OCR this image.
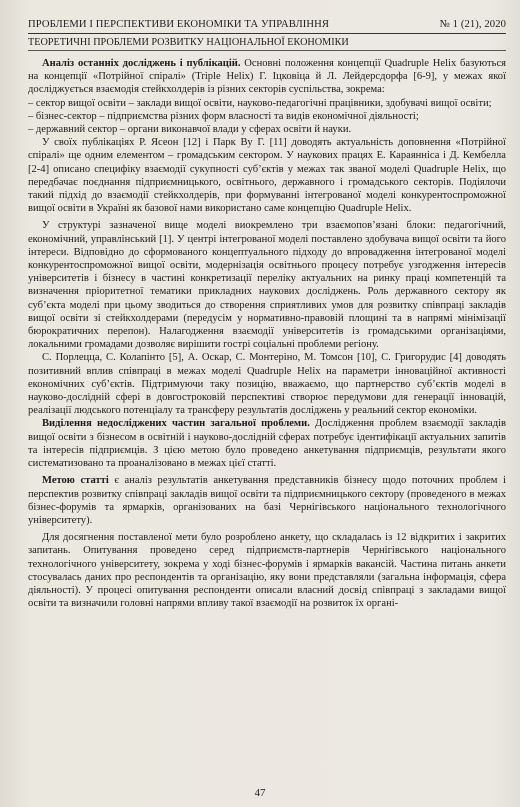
ПРОБЛЕМИ І ПЕРСПЕКТИВИ ЕКОНОМІКИ ТА УПРАВЛІННЯ	№ 1 (21), 2020
ТЕОРЕТИЧНІ ПРОБЛЕМИ РОЗВИТКУ НАЦІОНАЛЬНОЇ ЕКОНОМІКИ

Аналіз останніх досліджень і публікацій. Основні положення концепції Quadruple Helix базуються на концепції «Потрійної спіралі» (Triple Helix) Г. Іцковіца й Л. Лейдерсдорфа [6-9], у межах якої досліджується взаємодія стейкхолдерів із різних секторів суспільства, зокрема:

– сектор вищої освіти – заклади вищої освіти, науково-педагогічні працівники, здобувачі вищої освіти;

– бізнес-сектор – підприємства різних форм власності та видів економічної діяльності;

– державний сектор – органи виконавчої влади у сферах освіти й науки.

У своїх публікаціях Р. Ясеон [12] і Парк Ву Г. [11] доводять актуальність доповнення «Потрійної спіралі» ще одним елементом – громадським сектором. У наукових працях Е. Караяннiса і Д. Кембелла [2-4] описано специфіку взаємодії сукупності суб’єктів у межах так званої моделі Quadruple Helix, що передбачає поєднання підприємницького, освітнього, державного і громадського секторів. Подіялочи такий підхід до взаємодії стейкхолдерів, при формуванні інтегрованої моделі конкурентоспроможної вищої освіти в Україні як базової нами використано саме концепцію Quadruple Helix.

У структурі зазначеної вище моделі виокремлено три взаємопов’язані блоки: педагогічний, економічний, управлінський [1]. У центрі інтегрованої моделі поставлено здобувача вищої освіти та його інтереси. Відповідно до сформованого концептуального підходу до впровадження інтегрованої моделі конкурентоспроможної вищої освіти, модернізація освітнього процесу потребує узгодження інтересів університетів і бізнесу в частині конкретизації переліку актуальних на ринку праці компетенцій та визначення пріоритетної тематики прикладних наукових досліджень. Роль державного сектору як суб’єкта моделі при цьому зводиться до створення сприятливих умов для розвитку співпраці закладів вищої освіти зі стейкхолдерами (передусім у нормативно-правовій площині та в напрямі мінімізації бюрократичних перепон). Налагодження взаємодії університетів із громадськими організаціями, локальними громадами дозволяє вирішити гострі соціальні проблеми регіону.

С. Порлецца, С. Колапінто [5], А. Оскар, С. Монтеріно, М. Томсон [10], С. Григорудис [4] доводять позитивний вплив співпраці в межах моделі Quadruple Helix на параметри інноваційної активності економічних суб’єктів. Підтримуючи таку позицію, вважаємо, що партнерство суб’єктів моделі в науково-дослідній сфері в довгостроковій перспективі створює передумови для генерації інновацій, реалізації людського потенціалу та трансферу результатів досліджень у реальний сектор економіки.

Виділення недосліджених частин загальної проблеми. Дослідження проблем взаємодії закладів вищої освіти з бізнесом в освітній і науково-дослідній сферах потребує ідентифікації актуальних запитів та інтересів підприємців. З цією метою було проведено анкетування підприємців, результати якого систематизовано та проаналізовано в межах цієї статті.

Метою статті є аналіз результатів анкетування представників бізнесу щодо поточних проблем і перспектив розвитку співпраці закладів вищої освіти та підприємницького сектору (проведеного в межах бізнес-форумів та ярмарків, організованих на базі Чернігівського національного технологічного університету).

Для досягнення поставленої мети було розроблено анкету, що складалась із 12 відкритих і закритих запитань. Опитування проведено серед підприємств-партнерів Чернігівського національного технологічного університету, зокрема у ході бізнес-форумів і ярмарків вакансій. Частина питань анкети стосувалась даних про респондентів та організацію, яку вони представляли (загальна інформація, сфера діяльності). У процесі опитування респонденти описали власний досвід співпраці з закладами вищої освіти та визначили головні напрями впливу такої взаємодії на розвиток їх органі-

47
